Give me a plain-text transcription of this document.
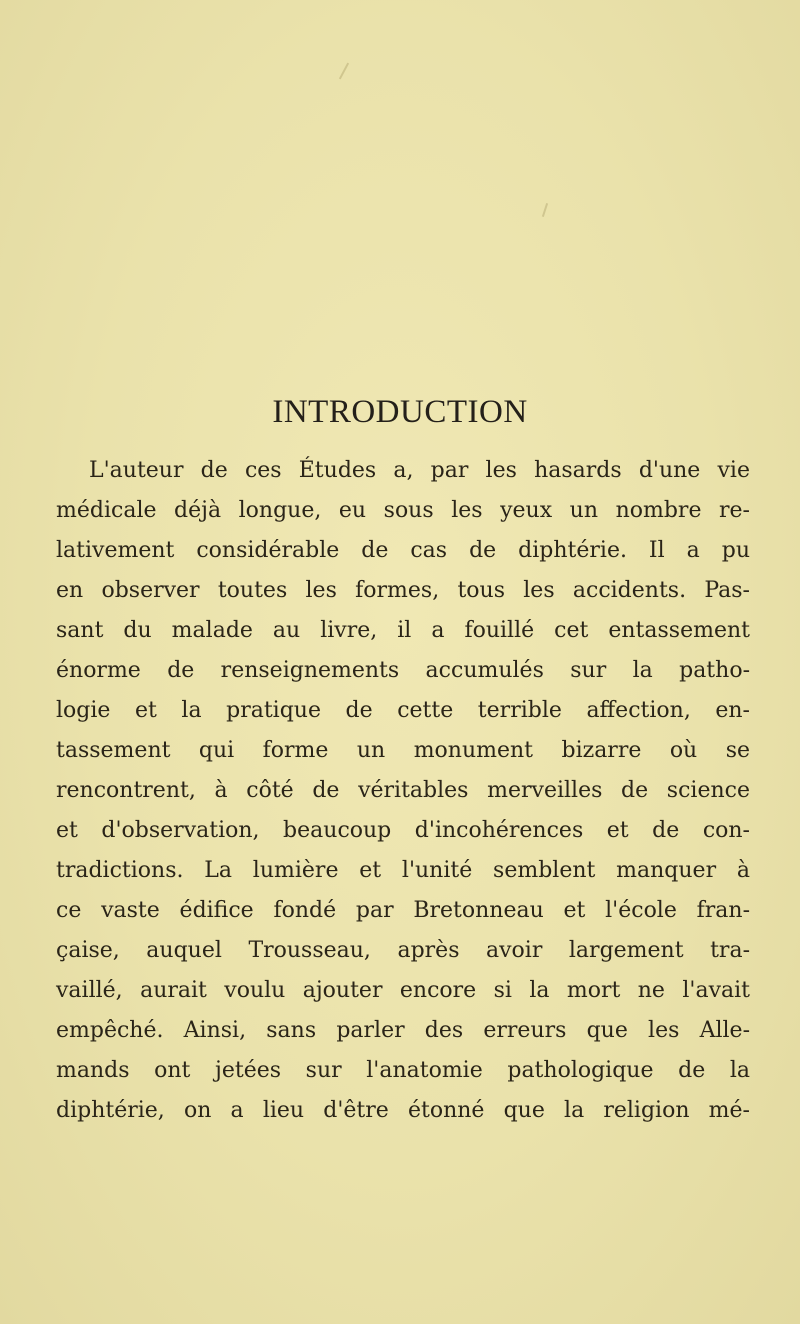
INTRODUCTION
L'auteur de ces Études a, par les hasards d'une vie
médicale déjà longue, eu sous les yeux un nombre re-
lativement considérable de cas de diphtérie. Il a pu
en observer toutes les formes, tous les accidents. Pas-
sant du malade au livre, il a fouillé cet entassement
énorme de renseignements accumulés sur la patho-
logie et la pratique de cette terrible affection, en-
tassement qui forme un monument bizarre où se
rencontrent, à côté de véritables merveilles de science
et d'observation, beaucoup d'incohérences et de con-
tradictions. La lumière et l'unité semblent manquer à
ce vaste édifice fondé par Bretonneau et l'école fran-
çaise, auquel Trousseau, après avoir largement tra-
vaillé, aurait voulu ajouter encore si la mort ne l'avait
empêché. Ainsi, sans parler des erreurs que les Alle-
mands ont jetées sur l'anatomie pathologique de la
diphtérie, on a lieu d'être étonné que la religion mé-
